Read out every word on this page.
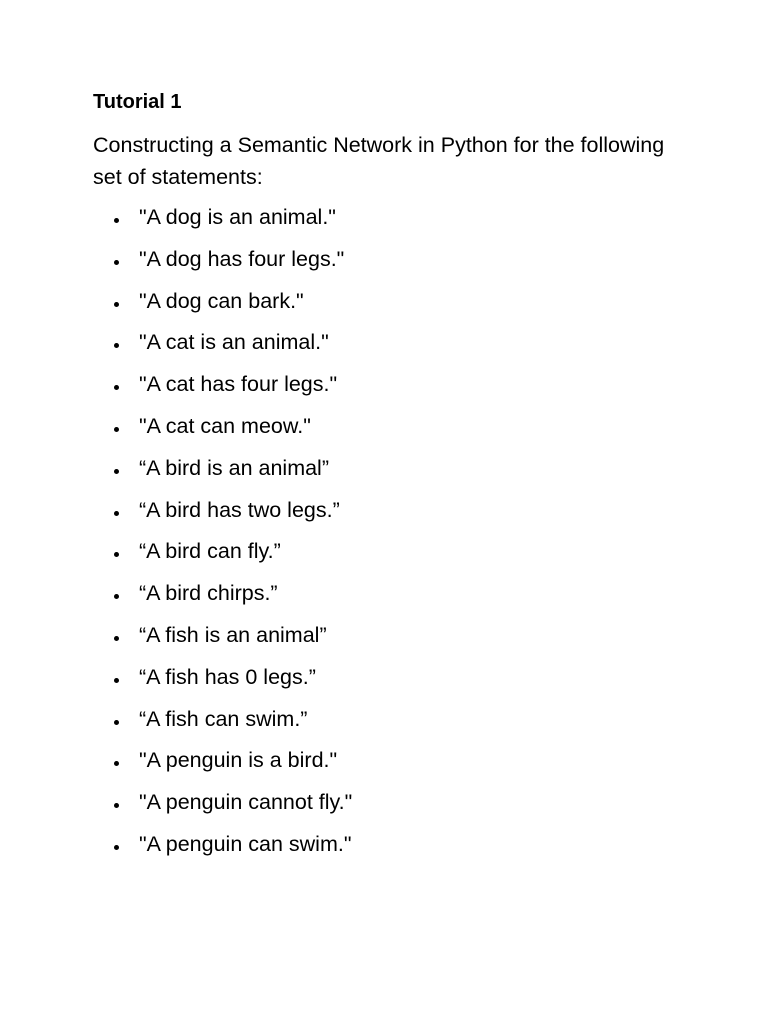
Tutorial 1
Constructing a Semantic Network in Python for the following set of statements:
"A dog is an animal."
"A dog has four legs."
"A dog can bark."
"A cat is an animal."
"A cat has four legs."
"A cat can meow."
“A bird is an animal”
“A bird has two legs.”
“A bird can fly.”
“A bird chirps.”
“A fish is an animal”
“A fish has 0 legs.”
“A fish can swim.”
"A penguin is a bird."
"A penguin cannot fly."
"A penguin can swim."
